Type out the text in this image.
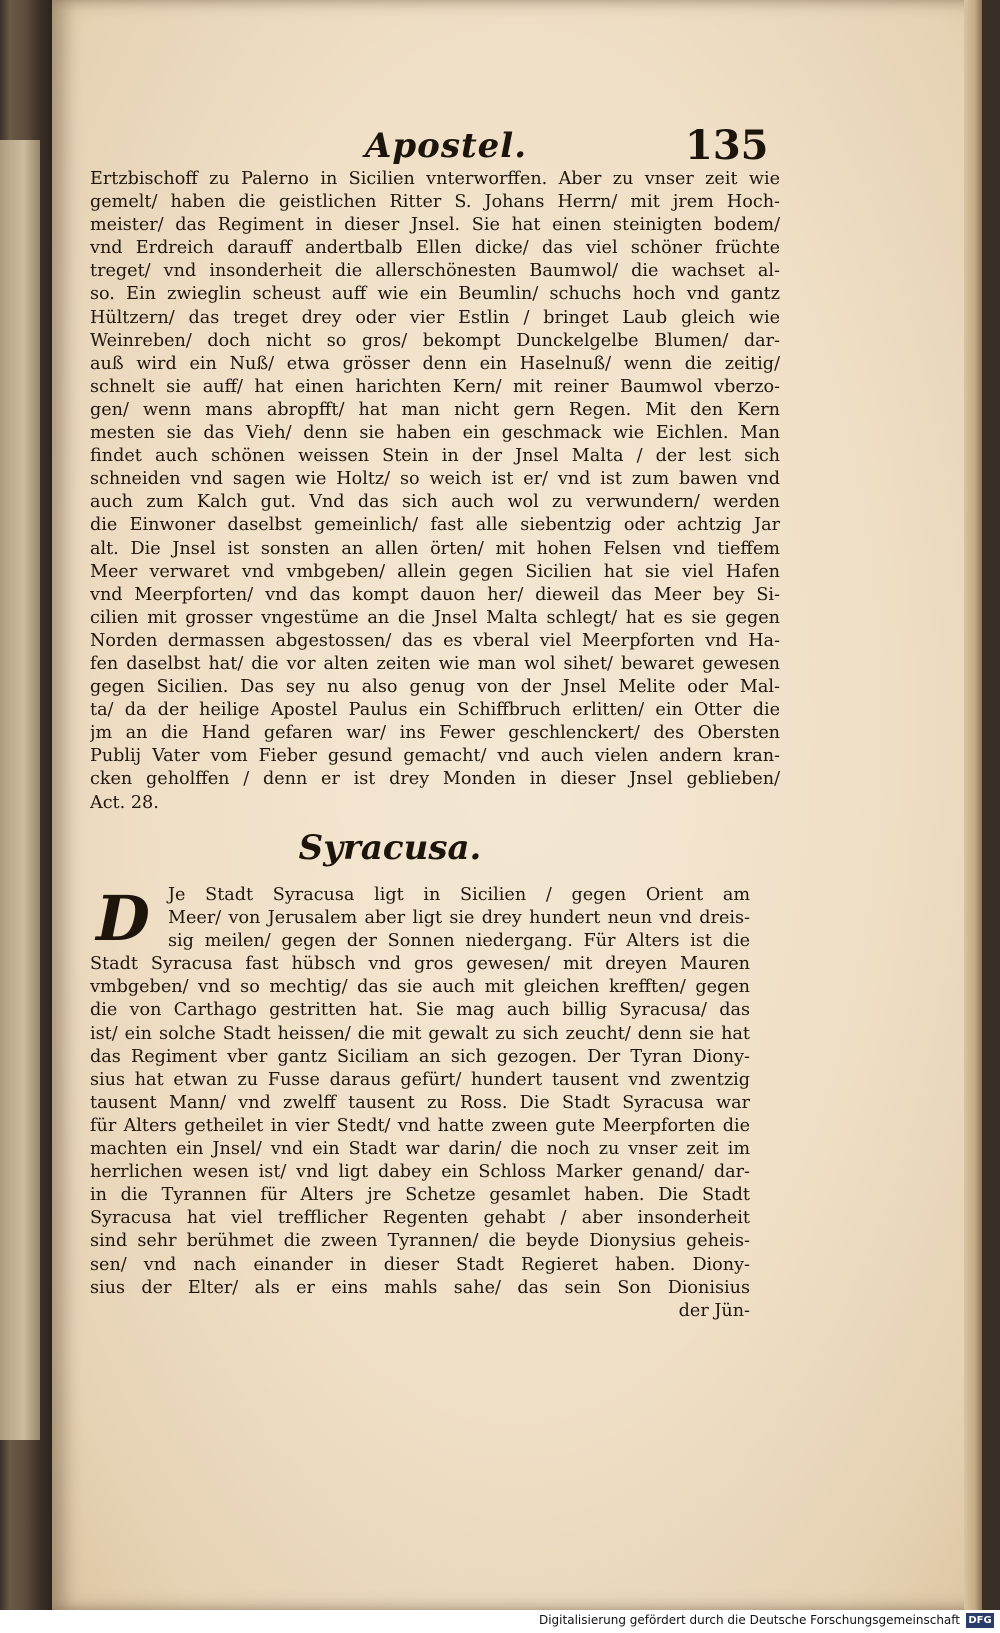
Apostel.	135
Ertzbischoff zu Palerno in Sicilien vnterworffen. Aber zu vnser zeit wie
gemelt/ haben die geistlichen Ritter S. Johans Herrn/ mit jrem Hoch-
meister/ das Regiment in dieser Jnsel. Sie hat einen steinigten bodem/
vnd Erdreich darauff andertbalb Ellen dicke/ das viel schöner früchte
treget/ vnd insonderheit die allerschönesten Baumwol/ die wachset al-
so. Ein zwieglin scheust auff wie ein Beumlin/ schuchs hoch vnd gantz
Hültzern/ das treget drey oder vier Estlin / bringet Laub gleich wie
Weinreben/ doch nicht so gros/ bekompt Dunckelgelbe Blumen/ dar-
auß wird ein Nuß/ etwa grösser denn ein Haselnuß/ wenn die zeitig/
schnelt sie auff/ hat einen harichten Kern/ mit reiner Baumwol vberzo-
gen/ wenn mans abropfft/ hat man nicht gern Regen. Mit den Kern
mesten sie das Vieh/ denn sie haben ein geschmack wie Eichlen. Man
findet auch schönen weissen Stein in der Jnsel Malta / der lest sich
schneiden vnd sagen wie Holtz/ so weich ist er/ vnd ist zum bawen vnd
auch zum Kalch gut. Vnd das sich auch wol zu verwundern/ werden
die Einwoner daselbst gemeinlich/ fast alle siebentzig oder achtzig Jar
alt. Die Jnsel ist sonsten an allen örten/ mit hohen Felsen vnd tieffem
Meer verwaret vnd vmbgeben/ allein gegen Sicilien hat sie viel Hafen
vnd Meerpforten/ vnd das kompt dauon her/ dieweil das Meer bey Si-
cilien mit grosser vngestüme an die Jnsel Malta schlegt/ hat es sie gegen
Norden dermassen abgestossen/ das es vberal viel Meerpforten vnd Ha-
fen daselbst hat/ die vor alten zeiten wie man wol sihet/ bewaret gewesen
gegen Sicilien. Das sey nu also genug von der Jnsel Melite oder Mal-
ta/ da der heilige Apostel Paulus ein Schiffbruch erlitten/ ein Otter die
jm an die Hand gefaren war/ ins Fewer geschlenckert/ des Obersten
Publij Vater vom Fieber gesund gemacht/ vnd auch vielen andern kran-
cken geholffen / denn er ist drey Monden in dieser Jnsel geblieben/
Act. 28.
Syracusa.
D	Je Stadt Syracusa ligt in Sicilien / gegen Orient am
Meer/ von Jerusalem aber ligt sie drey hundert neun vnd dreis-
sig meilen/ gegen der Sonnen niedergang. Für Alters ist die
Stadt Syracusa fast hübsch vnd gros gewesen/ mit dreyen Mauren
vmbgeben/ vnd so mechtig/ das sie auch mit gleichen krefften/ gegen
die von Carthago gestritten hat. Sie mag auch billig Syracusa/ das
ist/ ein solche Stadt heissen/ die mit gewalt zu sich zeucht/ denn sie hat
das Regiment vber gantz Siciliam an sich gezogen. Der Tyran Diony-
sius hat etwan zu Fusse daraus gefürt/ hundert tausent vnd zwentzig
tausent Mann/ vnd zwelff tausent zu Ross. Die Stadt Syracusa war
für Alters getheilet in vier Stedt/ vnd hatte zween gute Meerpforten die
machten ein Jnsel/ vnd ein Stadt war darin/ die noch zu vnser zeit im
herrlichen wesen ist/ vnd ligt dabey ein Schloss Marker genand/ dar-
in die Tyrannen für Alters jre Schetze gesamlet haben. Die Stadt
Syracusa hat viel trefflicher Regenten gehabt / aber insonderheit
sind sehr berühmet die zween Tyrannen/ die beyde Dionysius geheis-
sen/ vnd nach einander in dieser Stadt Regieret haben. Diony-
sius der Elter/ als er eins mahls sahe/ das sein Son Dionisius
der Jün-
Digitalisierung gefördert durch die Deutsche Forschungsgemeinschaft DFG
